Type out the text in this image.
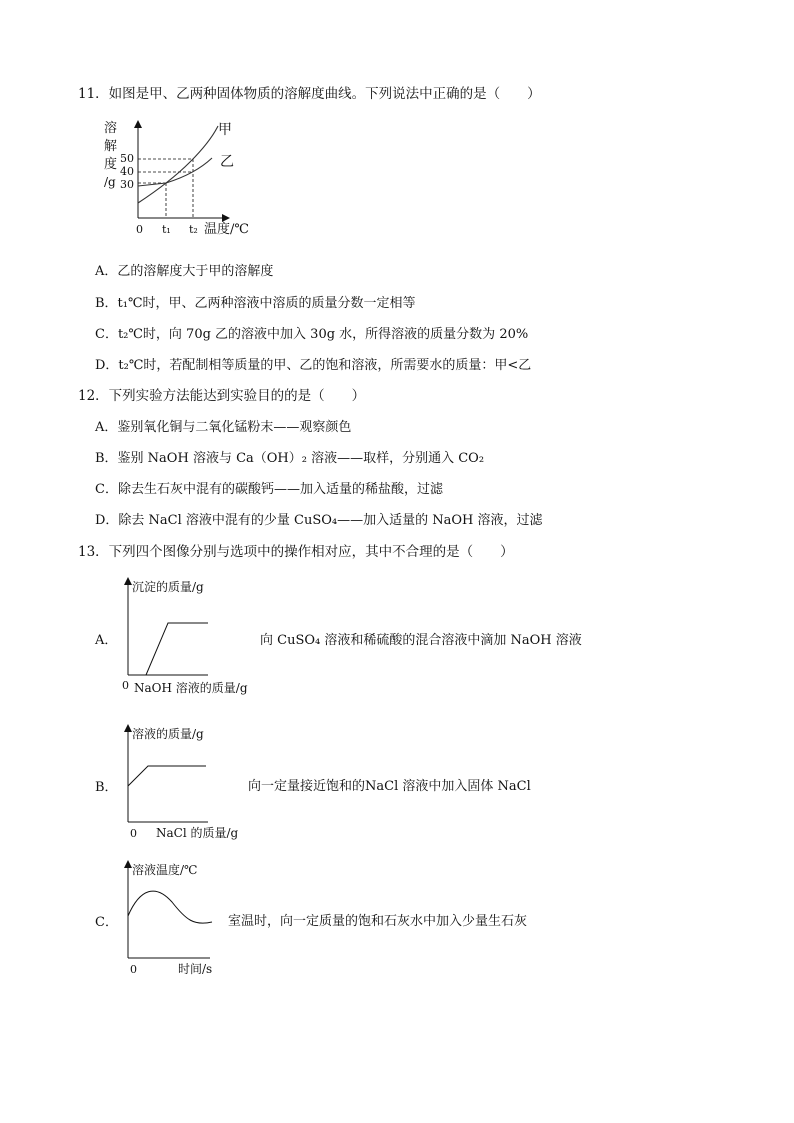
11．如图是甲、乙两种固体物质的溶解度曲线。下列说法中正确的是（　　）
溶
解
度
/g
50
40
30
甲
乙
0 t₁ t₂ 温度/℃
A．乙的溶解度大于甲的溶解度
B．t₁℃时，甲、乙两种溶液中溶质的质量分数一定相等
C．t₂℃时，向 70g 乙的溶液中加入 30g 水，所得溶液的质量分数为 20%
D．t₂℃时，若配制相等质量的甲、乙的饱和溶液，所需要水的质量：甲<乙
12．下列实验方法能达到实验目的的是（　　）
A．鉴别氧化铜与二氧化锰粉末——观察颜色
B．鉴别 NaOH 溶液与 Ca（OH）₂ 溶液——取样，分别通入 CO₂
C．除去生石灰中混有的碳酸钙——加入适量的稀盐酸，过滤
D．除去 NaCl 溶液中混有的少量 CuSO₄——加入适量的 NaOH 溶液，过滤
13．下列四个图像分别与选项中的操作相对应，其中不合理的是（　　）
A．
沉淀的质量/g
0 NaOH 溶液的质量/g
向 CuSO₄ 溶液和稀硫酸的混合溶液中滴加 NaOH 溶液
B．
溶液的质量/g
0 NaCl 的质量/g
向一定量接近饱和的NaCl 溶液中加入固体 NaCl
C．
溶液温度/℃
0	时间/s
室温时，向一定质量的饱和石灰水中加入少量生石灰
